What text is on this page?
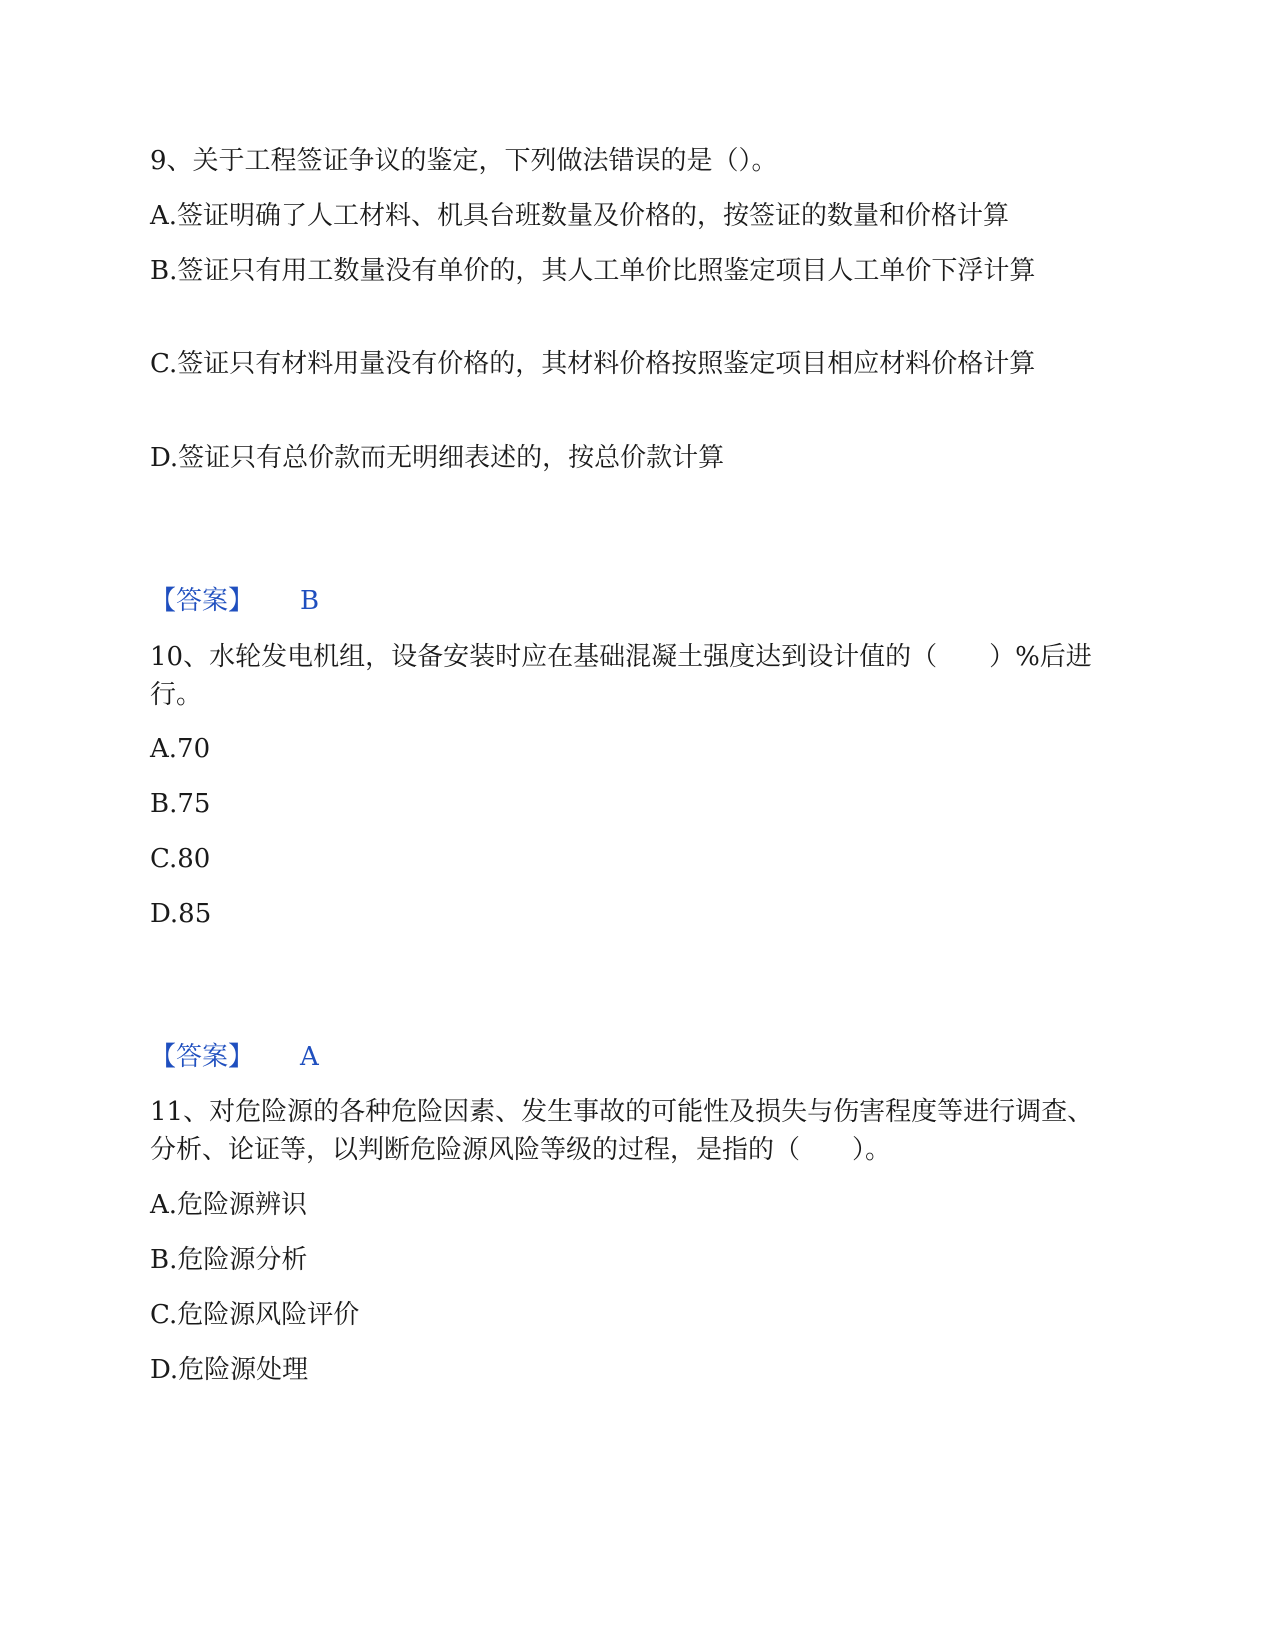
9、关于工程签证争议的鉴定，下列做法错误的是（）。
A.签证明确了人工材料、机具台班数量及价格的，按签证的数量和价格计算
B.签证只有用工数量没有单价的，其人工单价比照鉴定项目人工单价下浮计算
C.签证只有材料用量没有价格的，其材料价格按照鉴定项目相应材料价格计算
D.签证只有总价款而无明细表述的，按总价款计算
【答案】 B
10、水轮发电机组，设备安装时应在基础混凝土强度达到设计值的（　　）%后进行。
A.70
B.75
C.80
D.85
【答案】 A
11、对危险源的各种危险因素、发生事故的可能性及损失与伤害程度等进行调查、分析、论证等，以判断危险源风险等级的过程，是指的（　　）。
A.危险源辨识
B.危险源分析
C.危险源风险评价
D.危险源处理
